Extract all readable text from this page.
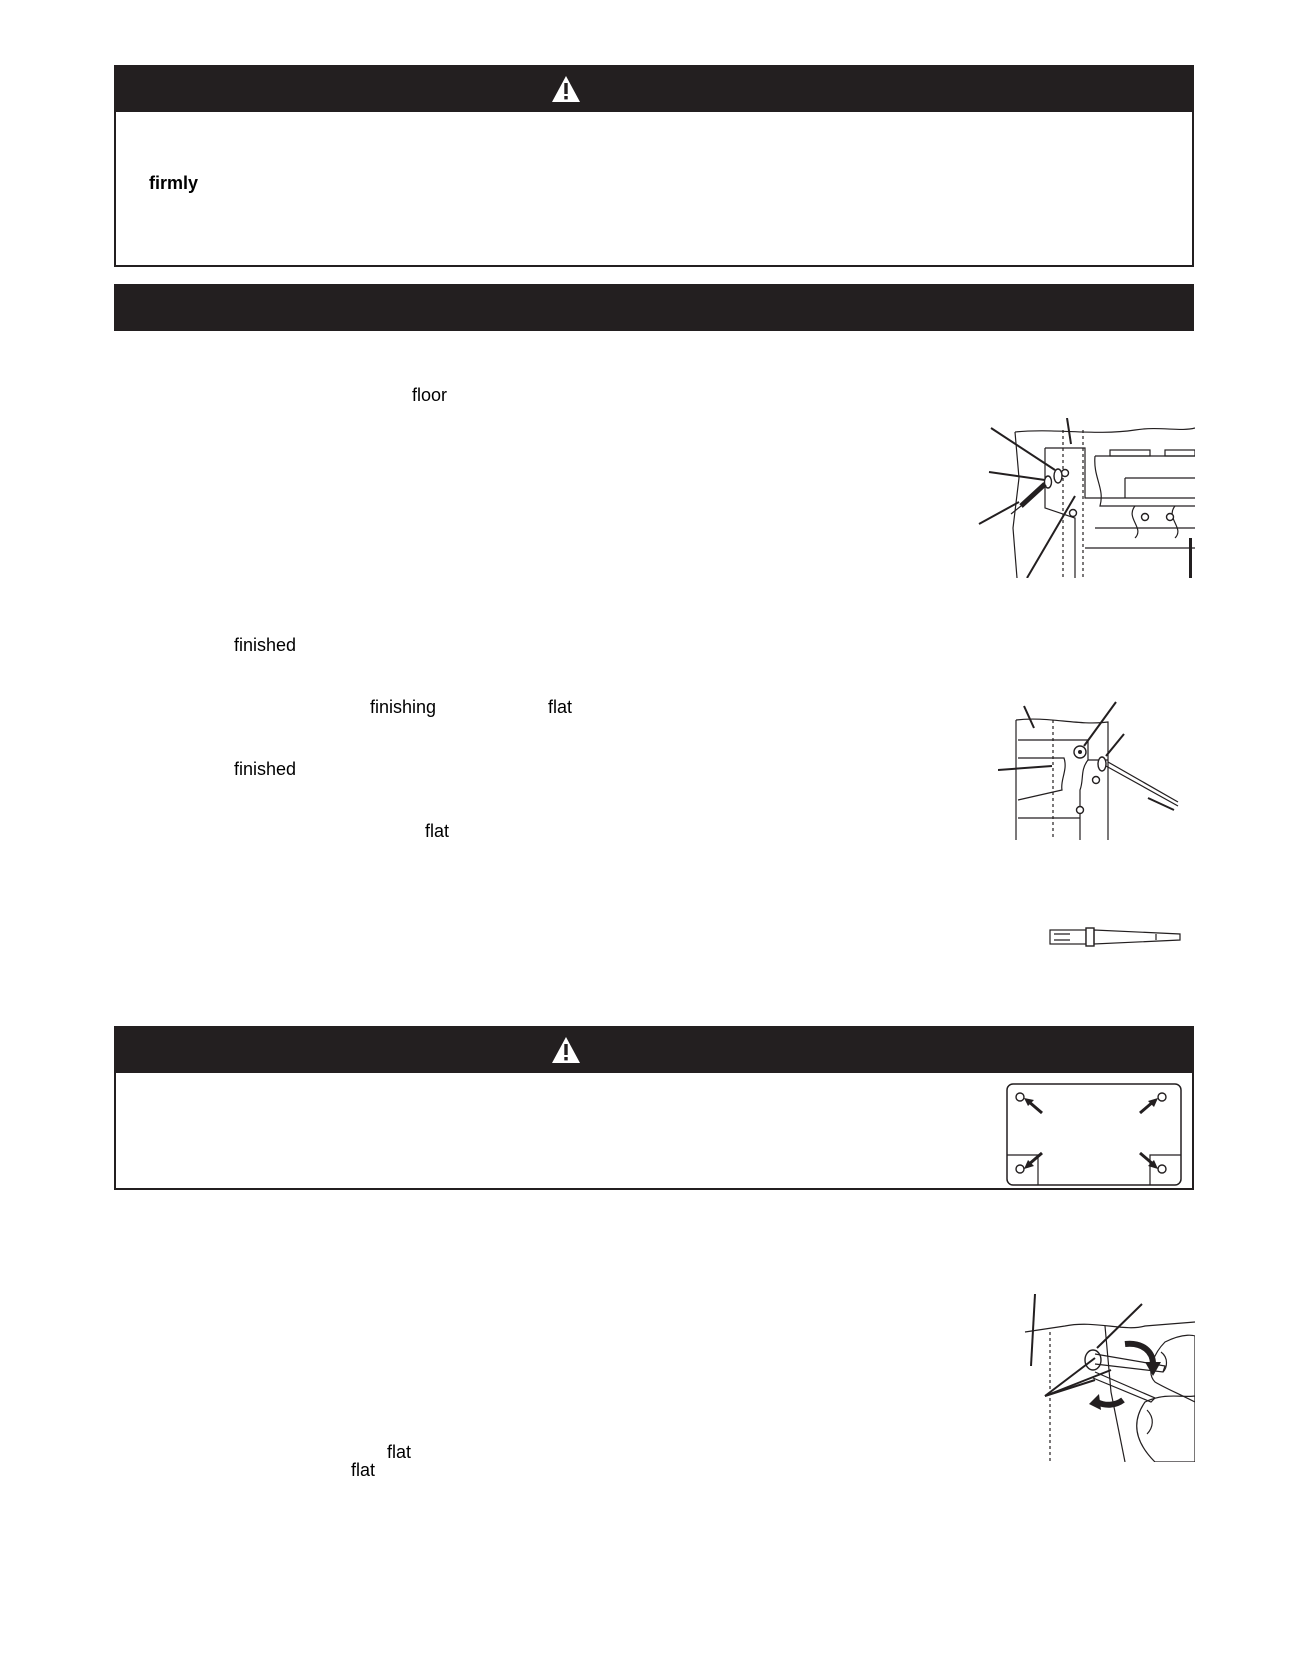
firmly
floor
finished
finishing	flat
finished
flat
flat
flat
